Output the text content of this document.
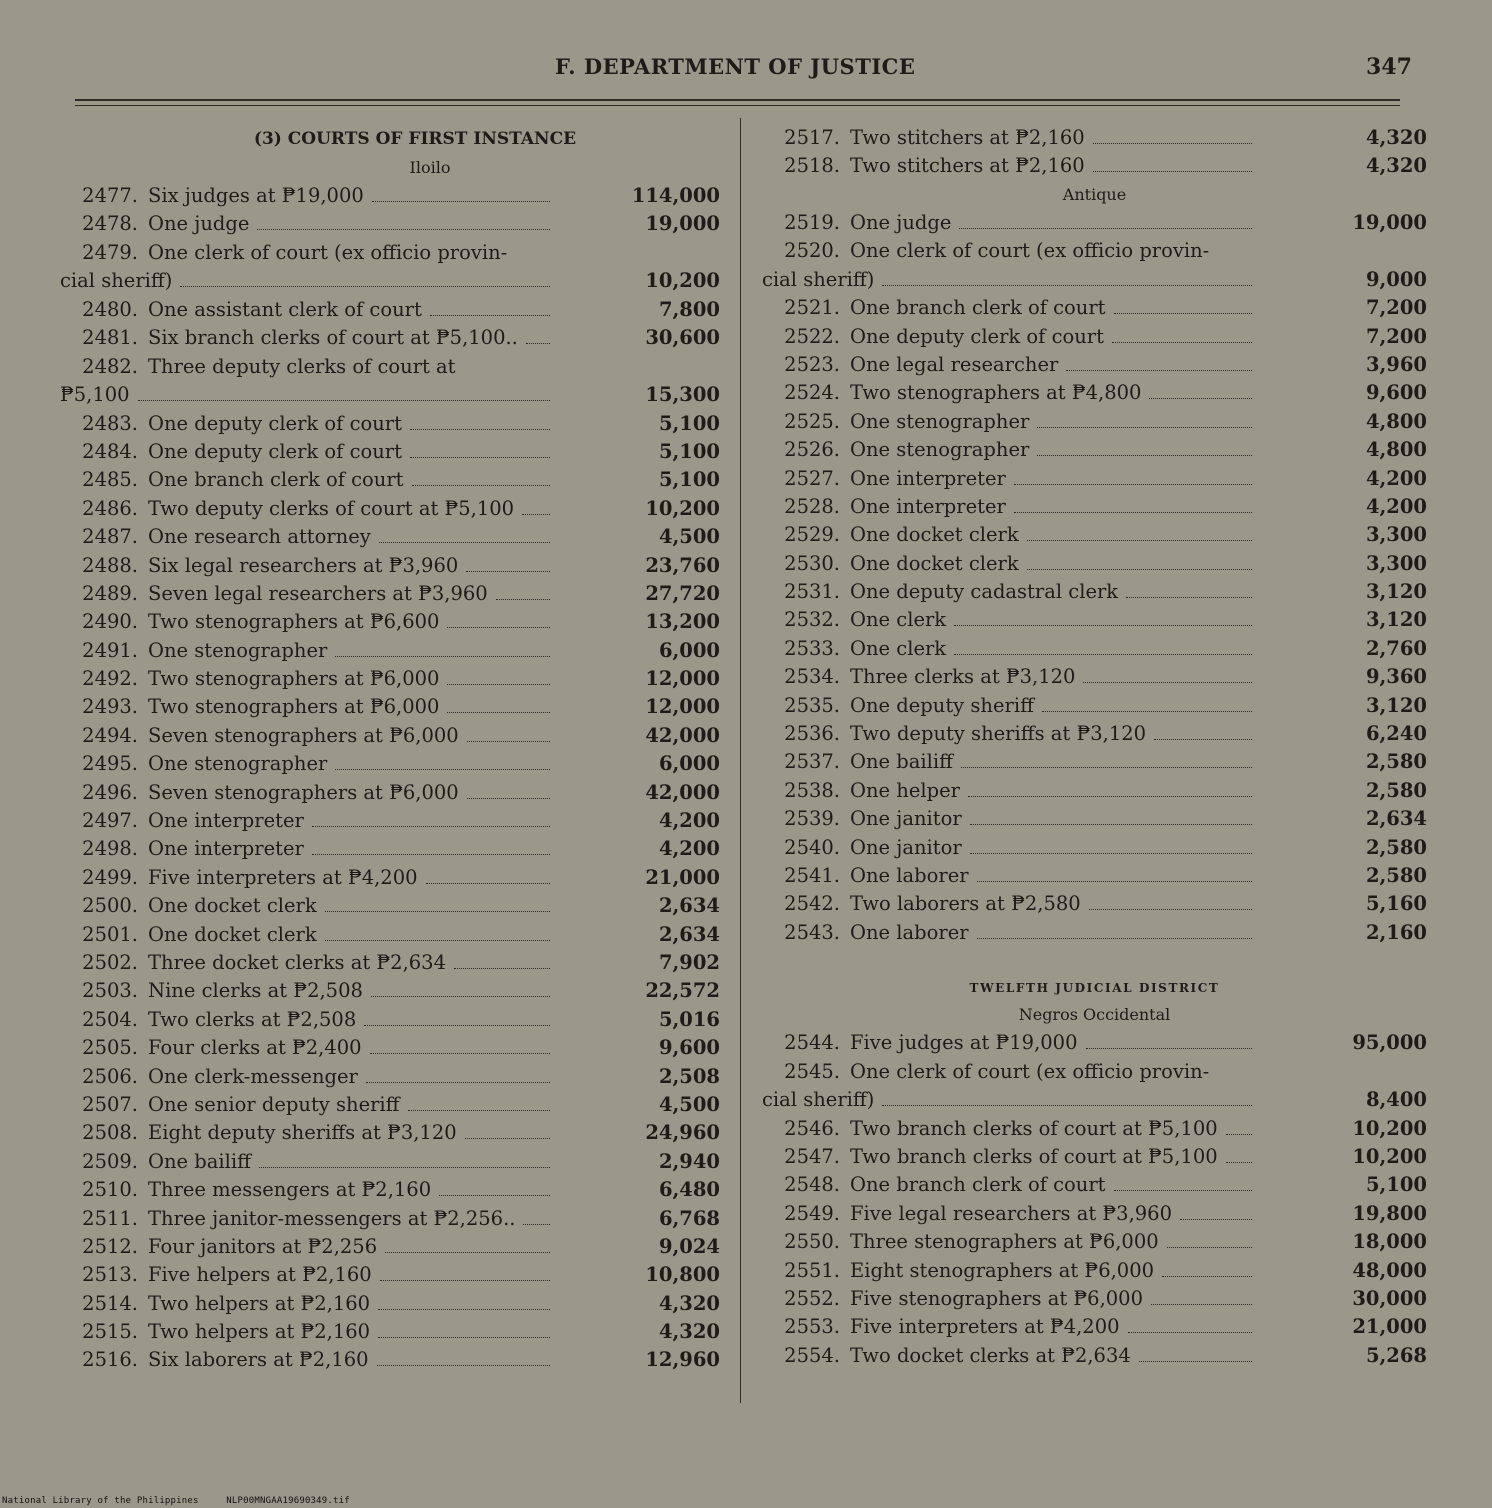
F. DEPARTMENT OF JUSTICE	347
(3) COURTS OF FIRST INSTANCE
Iloilo
2477. Six judges at ₱19,000	114,000
2478. One judge	19,000
2479. One clerk of court (ex officio provin-
cial sheriff)	10,200
2480. One assistant clerk of court	7,800
2481. Six branch clerks of court at ₱5,100..	30,600
2482. Three deputy clerks of court at
₱5,100	15,300
2483. One deputy clerk of court	5,100
2484. One deputy clerk of court	5,100
2485. One branch clerk of court	5,100
2486. Two deputy clerks of court at ₱5,100	10,200
2487. One research attorney	4,500
2488. Six legal researchers at ₱3,960	23,760
2489. Seven legal researchers at ₱3,960	27,720
2490. Two stenographers at ₱6,600	13,200
2491. One stenographer	6,000
2492. Two stenographers at ₱6,000	12,000
2493. Two stenographers at ₱6,000	12,000
2494. Seven stenographers at ₱6,000	42,000
2495. One stenographer	6,000
2496. Seven stenographers at ₱6,000	42,000
2497. One interpreter	4,200
2498. One interpreter	4,200
2499. Five interpreters at ₱4,200	21,000
2500. One docket clerk	2,634
2501. One docket clerk	2,634
2502. Three docket clerks at ₱2,634	7,902
2503. Nine clerks at ₱2,508	22,572
2504. Two clerks at ₱2,508	5,016
2505. Four clerks at ₱2,400	9,600
2506. One clerk-messenger	2,508
2507. One senior deputy sheriff	4,500
2508. Eight deputy sheriffs at ₱3,120	24,960
2509. One bailiff	2,940
2510. Three messengers at ₱2,160	6,480
2511. Three janitor-messengers at ₱2,256..	6,768
2512. Four janitors at ₱2,256	9,024
2513. Five helpers at ₱2,160	10,800
2514. Two helpers at ₱2,160	4,320
2515. Two helpers at ₱2,160	4,320
2516. Six laborers at ₱2,160	12,960
2517. Two stitchers at ₱2,160	4,320
2518. Two stitchers at ₱2,160	4,320
Antique
2519. One judge	19,000
2520. One clerk of court (ex officio provin-
cial sheriff)	9,000
2521. One branch clerk of court	7,200
2522. One deputy clerk of court	7,200
2523. One legal researcher	3,960
2524. Two stenographers at ₱4,800	9,600
2525. One stenographer	4,800
2526. One stenographer	4,800
2527. One interpreter	4,200
2528. One interpreter	4,200
2529. One docket clerk	3,300
2530. One docket clerk	3,300
2531. One deputy cadastral clerk	3,120
2532. One clerk	3,120
2533. One clerk	2,760
2534. Three clerks at ₱3,120	9,360
2535. One deputy sheriff	3,120
2536. Two deputy sheriffs at ₱3,120	6,240
2537. One bailiff	2,580
2538. One helper	2,580
2539. One janitor	2,634
2540. One janitor	2,580
2541. One laborer	2,580
2542. Two laborers at ₱2,580	5,160
2543. One laborer	2,160
TWELFTH JUDICIAL DISTRICT
Negros Occidental
2544. Five judges at ₱19,000	95,000
2545. One clerk of court (ex officio provin-
cial sheriff)	8,400
2546. Two branch clerks of court at ₱5,100	10,200
2547. Two branch clerks of court at ₱5,100	10,200
2548. One branch clerk of court	5,100
2549. Five legal researchers at ₱3,960	19,800
2550. Three stenographers at ₱6,000	18,000
2551. Eight stenographers at ₱6,000	48,000
2552. Five stenographers at ₱6,000	30,000
2553. Five interpreters at ₱4,200	21,000
2554. Two docket clerks at ₱2,634	5,268
National Library of the Philippines	NLP00MNGAA19690349.tif
